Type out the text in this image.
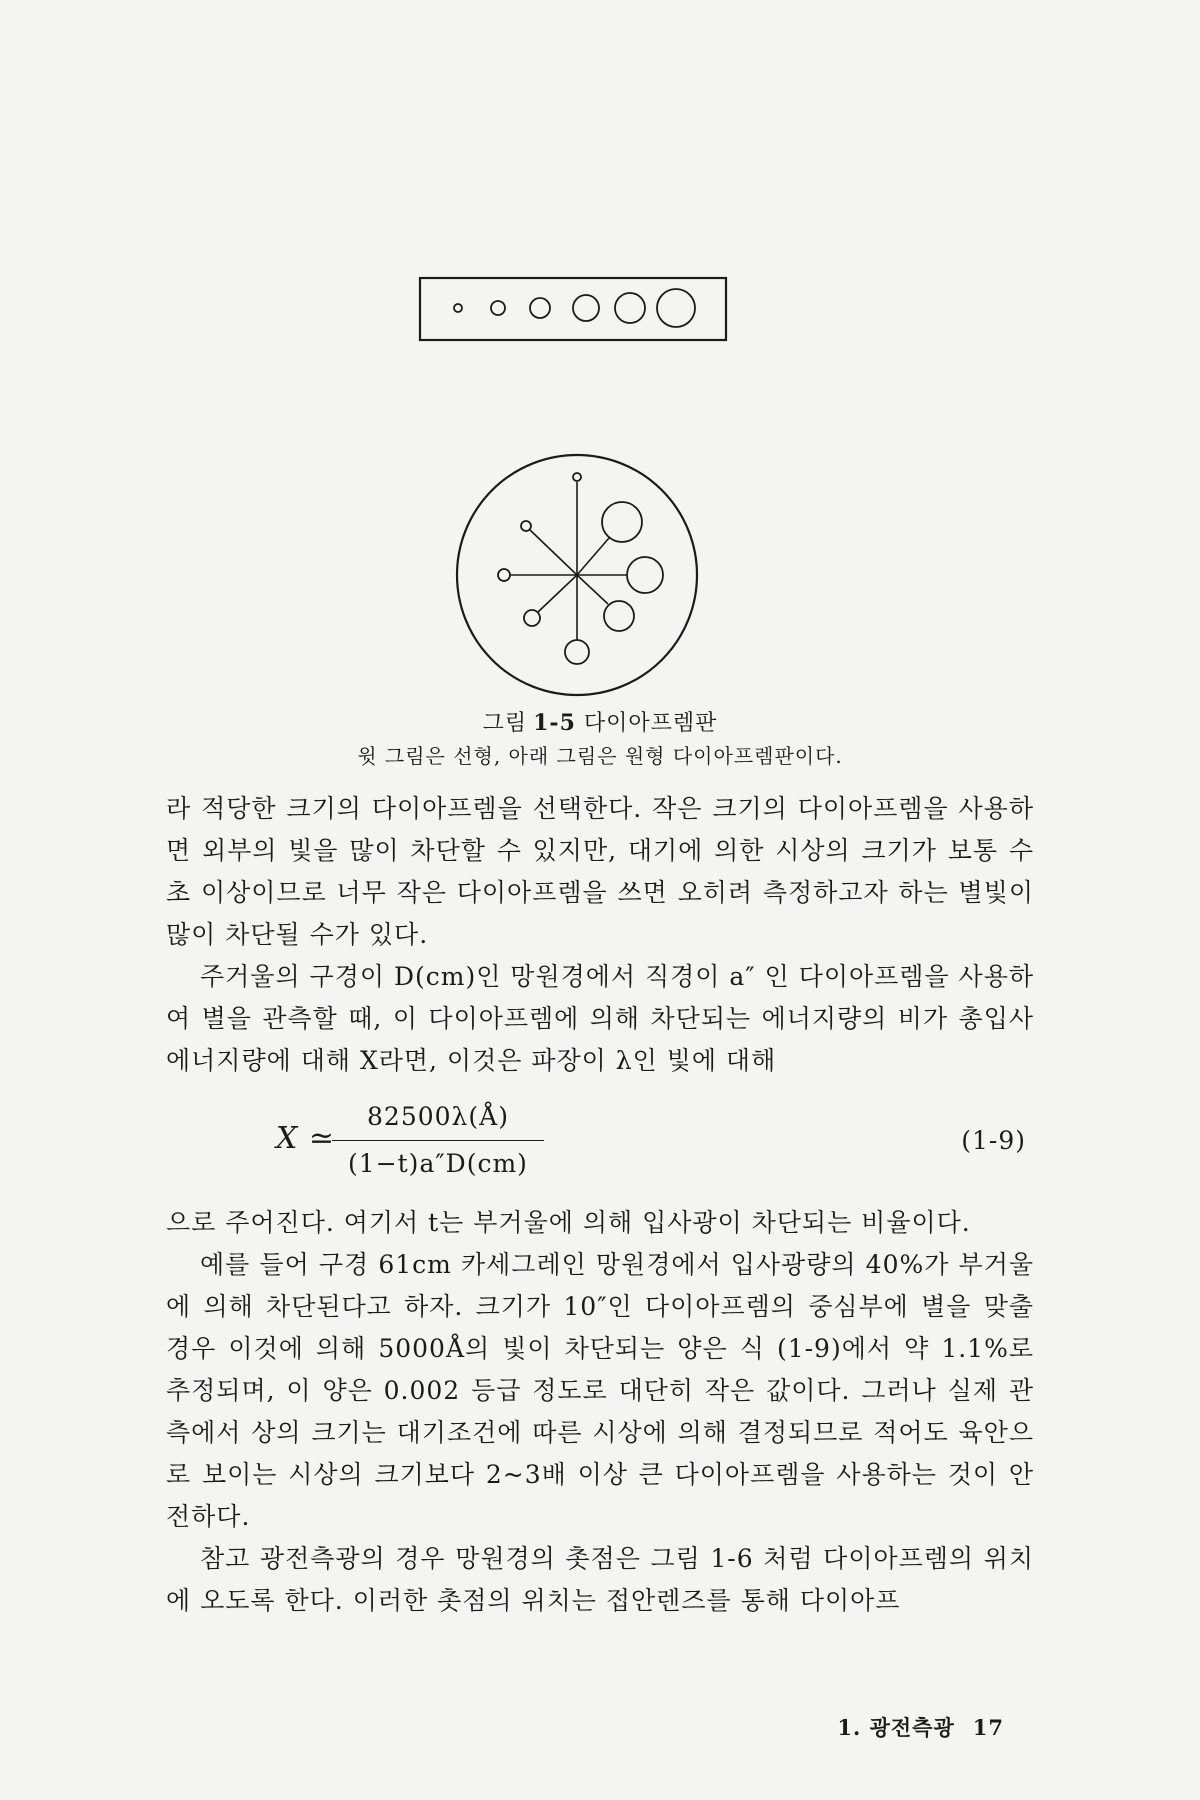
그림 1-5 다이아프렘판
윗 그림은 선형, 아래 그림은 원형 다이아프렘판이다.

라 적당한 크기의 다이아프렘을 선택한다. 작은 크기의 다이아프렘을 사용하면 외부의 빛을 많이 차단할 수 있지만, 대기에 의한 시상의 크기가 보통 수초 이상이므로 너무 작은 다이아프렘을 쓰면 오히려 측정하고자 하는 별빛이 많이 차단될 수가 있다.

주거울의 구경이 D(cm)인 망원경에서 직경이 a″ 인 다이아프렘을 사용하여 별을 관측할 때, 이 다이아프렘에 의해 차단되는 에너지량의 비가 총입사에너지량에 대해 X라면, 이것은 파장이 λ인 빛에 대해

X ≃
$\frac{82500\lambda(Å)}{(1-t)a''D(cm)}$	(1-9)

으로 주어진다. 여기서 t는 부거울에 의해 입사광이 차단되는 비율이다.

예를 들어 구경 61cm 카세그레인 망원경에서 입사광량의 40%가 부거울에 의해 차단된다고 하자. 크기가 10″인 다이아프렘의 중심부에 별을 맞출 경우 이것에 의해 5000Å의 빛이 차단되는 양은 식 (1-9)에서 약 1.1%로 추정되며, 이 양은 0.002 등급 정도로 대단히 작은 값이다. 그러나 실제 관측에서 상의 크기는 대기조건에 따른 시상에 의해 결정되므로 적어도 육안으로 보이는 시상의 크기보다 2~3배 이상 큰 다이아프렘을 사용하는 것이 안전하다.

참고 광전측광의 경우 망원경의 촛점은 그림 1-6 처럼 다이아프렘의 위치에 오도록 한다. 이러한 촛점의 위치는 접안렌즈를 통해 다이아프

1. 광전측광 17
